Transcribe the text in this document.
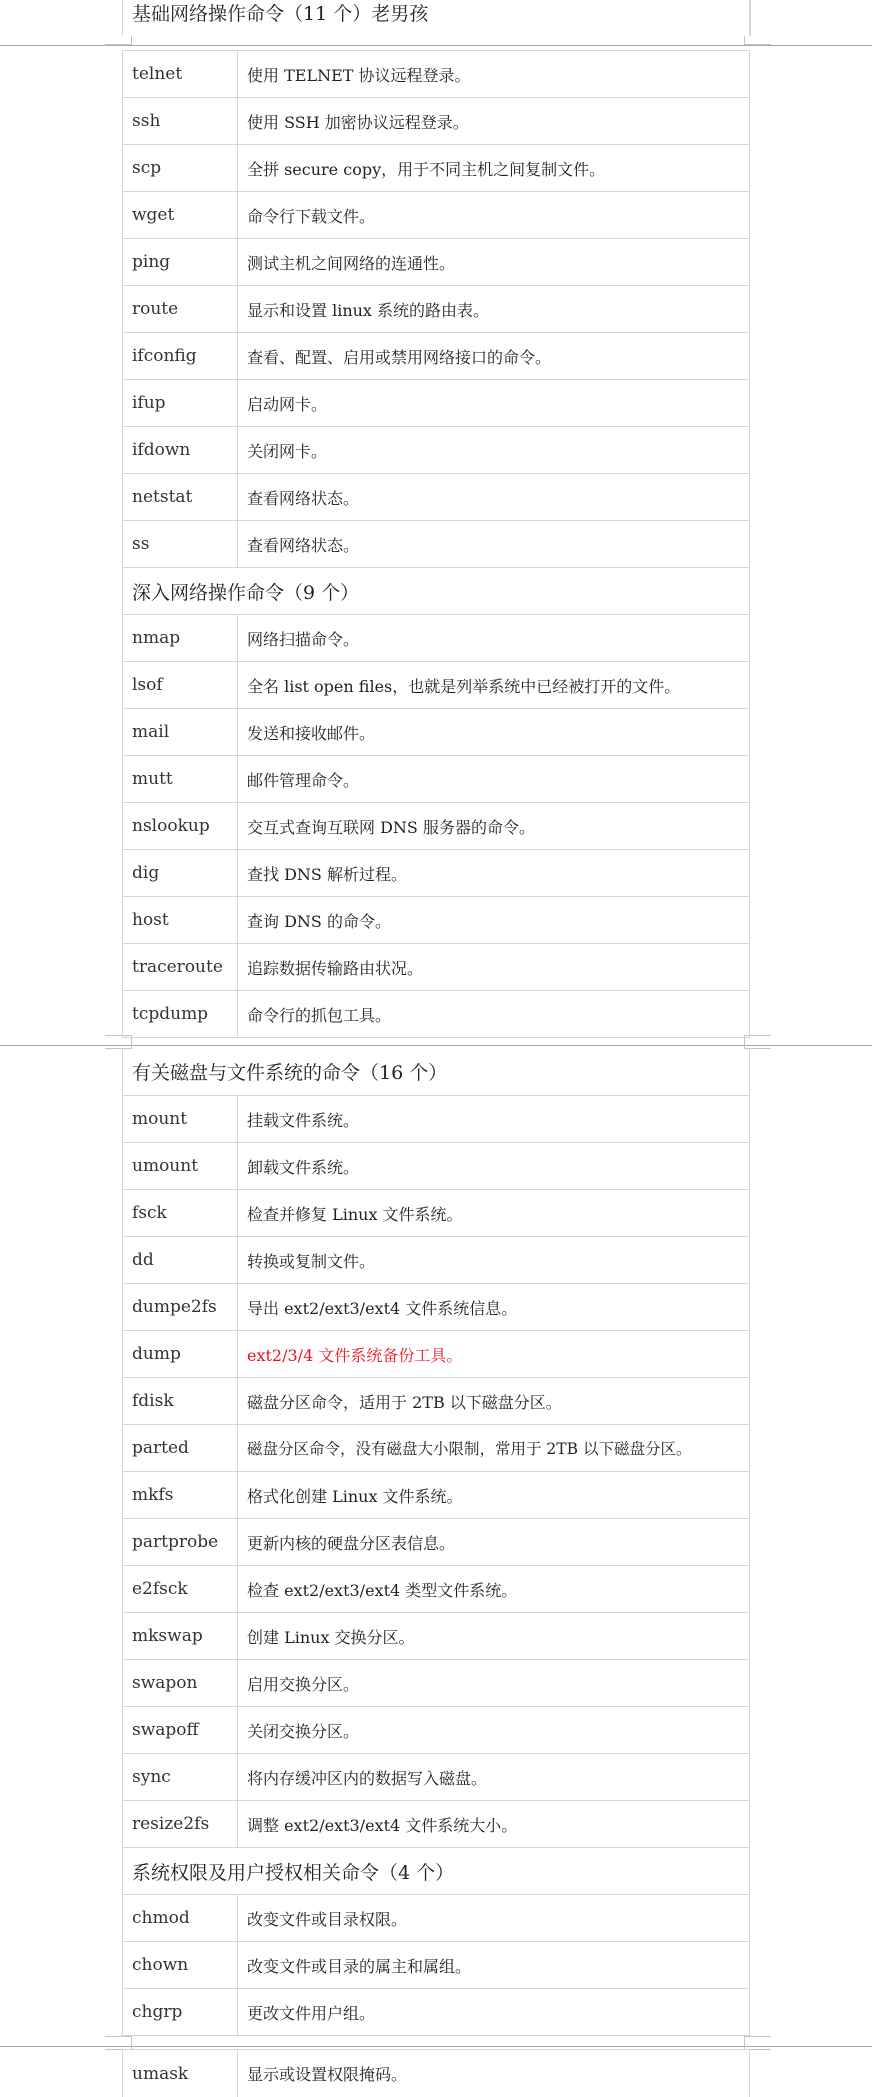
基础网络操作命令（11 个）老男孩
telnet	使用 TELNET 协议远程登录。
ssh	使用 SSH 加密协议远程登录。
scp	全拼 secure copy，用于不同主机之间复制文件。
wget	命令行下载文件。
ping	测试主机之间网络的连通性。
route	显示和设置 linux 系统的路由表。
ifconfig	查看、配置、启用或禁用网络接口的命令。
ifup	启动网卡。
ifdown	关闭网卡。
netstat	查看网络状态。
ss	查看网络状态。
深入网络操作命令（9 个）
nmap	网络扫描命令。
lsof	全名 list open files，也就是列举系统中已经被打开的文件。
mail	发送和接收邮件。
mutt	邮件管理命令。
nslookup	交互式查询互联网 DNS 服务器的命令。
dig	查找 DNS 解析过程。
host	查询 DNS 的命令。
traceroute	追踪数据传输路由状况。
tcpdump	命令行的抓包工具。
有关磁盘与文件系统的命令（16 个）
mount	挂载文件系统。
umount	卸载文件系统。
fsck	检查并修复 Linux 文件系统。
dd	转换或复制文件。
dumpe2fs	导出 ext2/ext3/ext4 文件系统信息。
dump	ext2/3/4 文件系统备份工具。
fdisk	磁盘分区命令，适用于 2TB 以下磁盘分区。
parted	磁盘分区命令，没有磁盘大小限制，常用于 2TB 以下磁盘分区。
mkfs	格式化创建 Linux 文件系统。
partprobe	更新内核的硬盘分区表信息。
e2fsck	检查 ext2/ext3/ext4 类型文件系统。
mkswap	创建 Linux 交换分区。
swapon	启用交换分区。
swapoff	关闭交换分区。
sync	将内存缓冲区内的数据写入磁盘。
resize2fs	调整 ext2/ext3/ext4 文件系统大小。
系统权限及用户授权相关命令（4 个）
chmod	改变文件或目录权限。
chown	改变文件或目录的属主和属组。
chgrp	更改文件用户组。
umask	显示或设置权限掩码。
